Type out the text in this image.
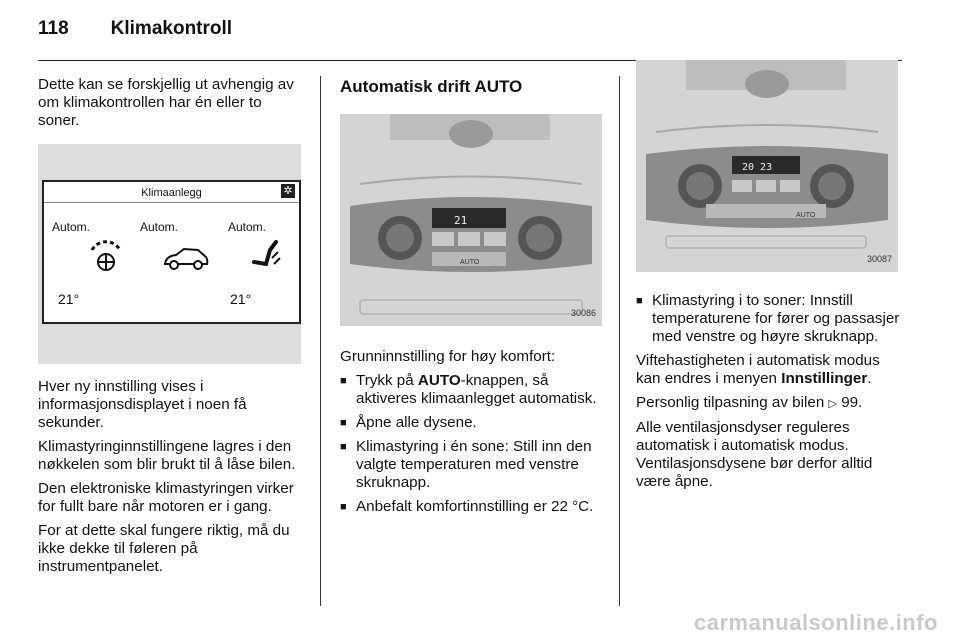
118 Klimakontroll

Dette kan se forskjellig ut avhengig av om klimakontrollen har én eller to soner.

Klimaanlegg	✲
Autom.	Autom.	Autom.
21°	21°

Hver ny innstilling vises i informasjonsdisplayet i noen få sekunder.

Klimastyringinnstillingene lagres i den nøkkelen som blir brukt til å låse bilen.

Den elektroniske klimastyringen virker for fullt bare når motoren er i gang.

For at dette skal fungere riktig, må du ikke dekke til føleren på instrumentpanelet.

Automatisk drift AUTO
21
AUTO
30086

Grunninnstilling for høy komfort:

■ Trykk på AUTO-knappen, så aktiveres klimaanlegget automatisk.
■ Åpne alle dysene.
■ Klimastyring i én sone: Still inn den valgte temperaturen med venstre skruknapp.
■ Anbefalt komfortinnstilling er 22 °C.
20 23
AUTO
30087
■ Klimastyring i to soner: Innstill temperaturene for fører og passasjer med venstre og høyre skruknapp.

Viftehastigheten i automatisk modus kan endres i menyen Innstillinger.

Personlig tilpasning av bilen ▷ 99.

Alle ventilasjonsdyser reguleres automatisk i automatisk modus. Ventilasjonsdysene bør derfor alltid være åpne.

carmanualsonline.info
